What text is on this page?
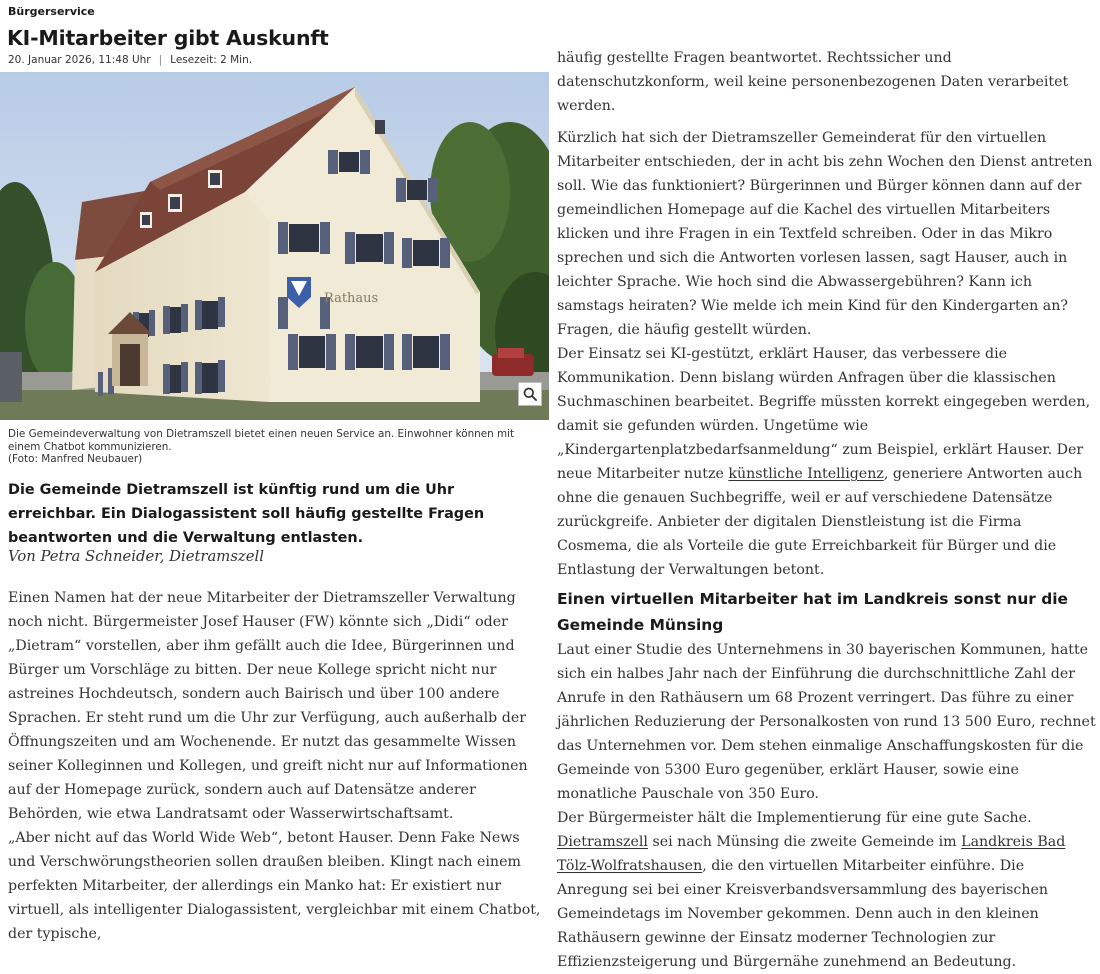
Bürgerservice
KI-Mitarbeiter gibt Auskunft
20. Januar 2026, 11:48 Uhr | Lesezeit: 2 Min.
Rathaus
Die Gemeindeverwaltung von Dietramszell bietet einen neuen Service an. Einwohner können mit einem Chatbot kommunizieren.
(Foto: Manfred Neubauer)

Die Gemeinde Dietramszell ist künftig rund um die Uhr erreichbar. Ein Dialogassistent soll häufig gestellte Fragen beantworten und die Verwaltung entlasten.

Von Petra Schneider, Dietramszell

Einen Namen hat der neue Mitarbeiter der Dietramszeller Verwaltung noch nicht. Bürgermeister Josef Hauser (FW) könnte sich „Didi“ oder „Dietram“ vorstellen, aber ihm gefällt auch die Idee, Bürgerinnen und Bürger um Vorschläge zu bitten. Der neue Kollege spricht nicht nur astreines Hochdeutsch, sondern auch Bairisch und über 100 andere Sprachen. Er steht rund um die Uhr zur Verfügung, auch außerhalb der Öffnungszeiten und am Wochenende. Er nutzt das gesammelte Wissen seiner Kolleginnen und Kollegen, und greift nicht nur auf Informationen auf der Homepage zurück, sondern auch auf Datensätze anderer Behörden, wie etwa Landratsamt oder Wasserwirtschaftsamt.

„Aber nicht auf das World Wide Web“, betont Hauser. Denn Fake News und Verschwörungstheorien sollen draußen bleiben. Klingt nach einem perfekten Mitarbeiter, der allerdings ein Manko hat: Er existiert nur virtuell, als intelligenter Dialogassistent, vergleichbar mit einem Chatbot, der typische,

häufig gestellte Fragen beantwortet. Rechtssicher und datenschutzkonform, weil keine personenbezogenen Daten verarbeitet werden.

Kürzlich hat sich der Dietramszeller Gemeinderat für den virtuellen Mitarbeiter entschieden, der in acht bis zehn Wochen den Dienst antreten soll. Wie das funktioniert? Bürgerinnen und Bürger können dann auf der gemeindlichen Homepage auf die Kachel des virtuellen Mitarbeiters klicken und ihre Fragen in ein Textfeld schreiben. Oder in das Mikro sprechen und sich die Antworten vorlesen lassen, sagt Hauser, auch in leichter Sprache. Wie hoch sind die Abwassergebühren? Kann ich samstags heiraten? Wie melde ich mein Kind für den Kindergarten an? Fragen, die häufig gestellt würden.

Der Einsatz sei KI-gestützt, erklärt Hauser, das verbessere die Kommunikation. Denn bislang würden Anfragen über die klassischen Suchmaschinen bearbeitet. Begriffe müssten korrekt eingegeben werden, damit sie gefunden würden. Ungetüme wie „Kindergartenplatzbedarfsanmeldung“ zum Beispiel, erklärt Hauser. Der neue Mitarbeiter nutze künstliche Intelligenz, generiere Antworten auch ohne die genauen Suchbegriffe, weil er auf verschiedene Datensätze zurückgreife. Anbieter der digitalen Dienstleistung ist die Firma Cosmema, die als Vorteile die gute Erreichbarkeit für Bürger und die Entlastung der Verwaltungen betont.

Einen virtuellen Mitarbeiter hat im Landkreis sonst nur die Gemeinde Münsing

Laut einer Studie des Unternehmens in 30 bayerischen Kommunen, hatte sich ein halbes Jahr nach der Einführung die durchschnittliche Zahl der Anrufe in den Rathäusern um 68 Prozent verringert. Das führe zu einer jährlichen Reduzierung der Personalkosten von rund 13 500 Euro, rechnet das Unternehmen vor. Dem stehen einmalige Anschaffungskosten für die Gemeinde von 5300 Euro gegenüber, erklärt Hauser, sowie eine monatliche Pauschale von 350 Euro.

Der Bürgermeister hält die Implementierung für eine gute Sache. Dietramszell sei nach Münsing die zweite Gemeinde im Landkreis Bad Tölz-Wolfratshausen, die den virtuellen Mitarbeiter einführe. Die Anregung sei bei einer Kreisverbandsversammlung des bayerischen Gemeindetags im November gekommen. Denn auch in den kleinen Rathäusern gewinne der Einsatz moderner Technologien zur Effizienzsteigerung und Bürgernähe zunehmend an Bedeutung.
